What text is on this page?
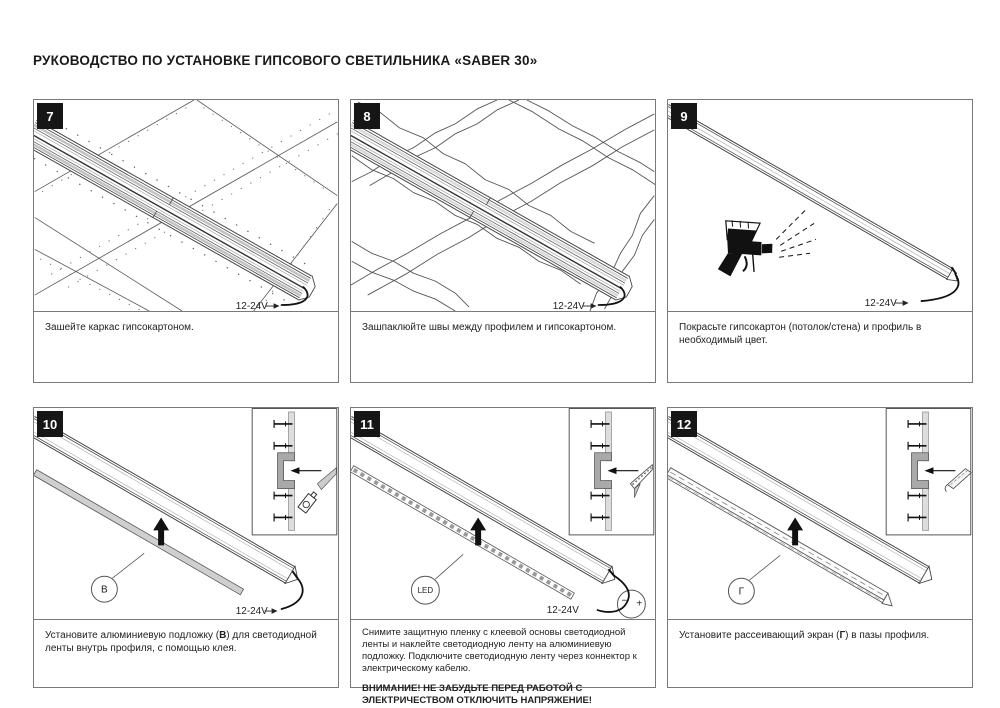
РУКОВОДСТВО ПО УСТАНОВКЕ ГИПСОВОГО СВЕТИЛЬНИКА «SABER 30»
7
12-24V
Зашейте каркас гипсокартоном.
8
12-24V
Зашпаклюйте швы между профилем и гипсокартоном.
9
12-24V
Покрасьте гипсокартон (потолок/стена) и профиль в необходимый цвет.
10
В
12-24V
Установите алюминиевую подложку (В) для светодиодной ленты внутрь профиля, с помощью клея.
11
LED
− +
12-24V
Снимите защитную пленку с клеевой основы светодиодной ленты и наклейте светодиодную ленту на алюминиевую подложку. Подключите светодиодную ленту через коннектор к электрическому кабелю.
ВНИМАНИЕ! НЕ ЗАБУДЬТЕ ПЕРЕД РАБОТОЙ С ЭЛЕКТРИЧЕСТВОМ ОТКЛЮЧИТЬ НАПРЯЖЕНИЕ!
12
Г
Установите рассеивающий экран (Г) в пазы профиля.
